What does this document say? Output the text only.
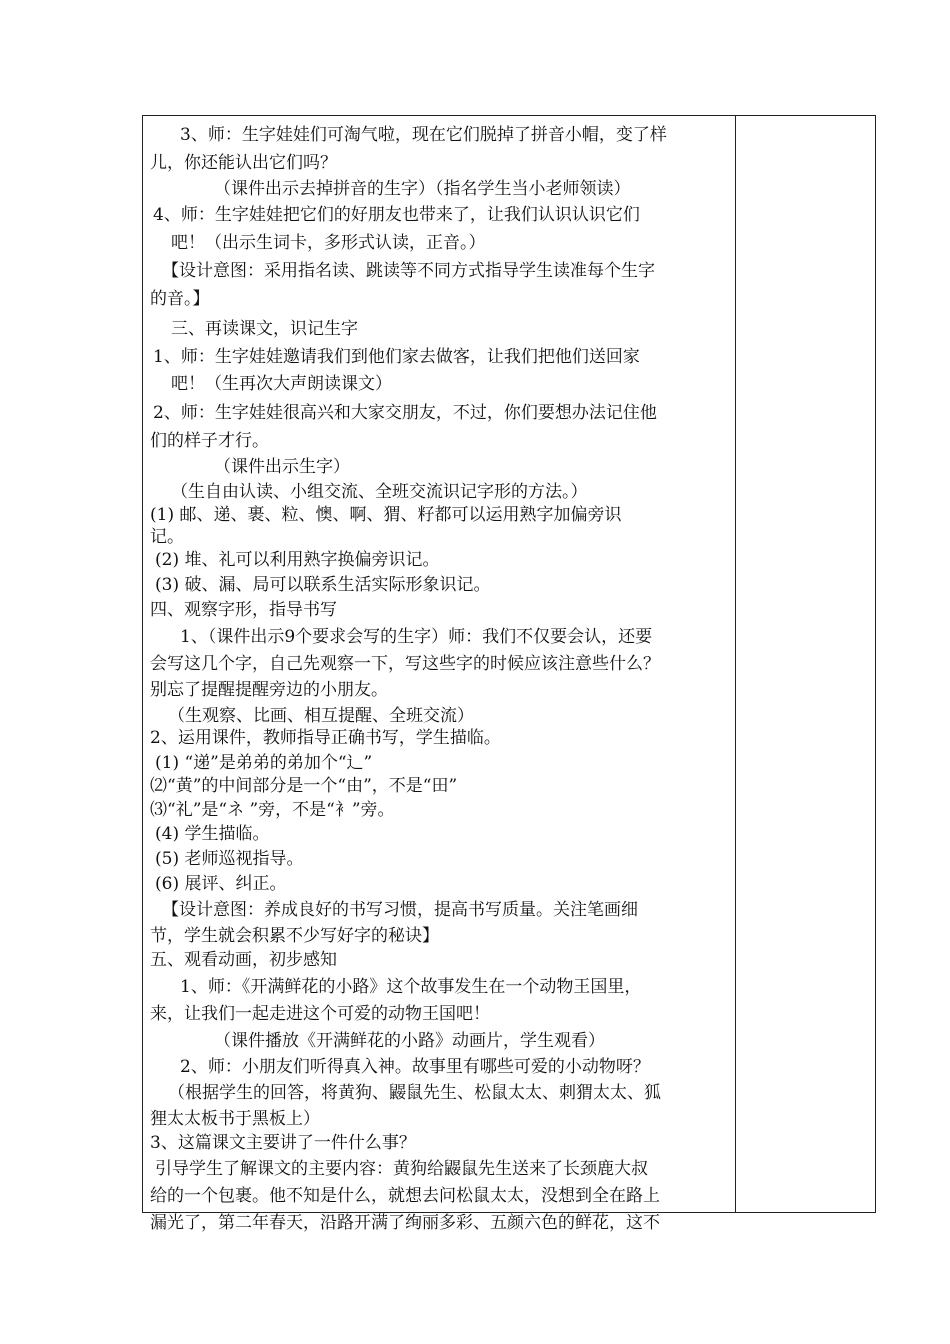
3、师：生字娃娃们可淘气啦，现在它们脱掉了拼音小帽，变了样
儿，你还能认出它们吗？
（课件出示去掉拼音的生字）（指名学生当小老师领读）
4、师：生字娃娃把它们的好朋友也带来了，让我们认识认识它们
吧！（出示生词卡，多形式认读，正音。）
【设计意图：采用指名读、跳读等不同方式指导学生读准每个生字
的音。】
三、再读课文，识记生字
1、师：生字娃娃邀请我们到他们家去做客，让我们把他们送回家
吧！（生再次大声朗读课文）
2、师：生字娃娃很高兴和大家交朋友，不过，你们要想办法记住他
们的样子才行。
（课件出示生字）
（生自由认读、小组交流、全班交流识记字形的方法。）
(1) 邮、递、裹、粒、懊、啊、猬、籽都可以运用熟字加偏旁识
记。
(2) 堆、礼可以利用熟字换偏旁识记。
(3) 破、漏、局可以联系生活实际形象识记。
四、观察字形，指导书写
1、（课件出示9个要求会写的生字）师：我们不仅要会认，还要
会写这几个字，自己先观察一下，写这些字的时候应该注意些什么？
别忘了提醒提醒旁边的小朋友。
（生观察、比画、相互提醒、全班交流）
2、运用课件，教师指导正确书写，学生描临。
(1) “递”是弟弟的弟加个“辶”
⑵“黄”的中间部分是一个“由”，不是“田”
⑶“礼”是“ネ ”旁，不是“衤”旁。
(4) 学生描临。
(5) 老师巡视指导。
(6) 展评、纠正。
【设计意图：养成良好的书写习惯，提高书写质量。关注笔画细
节，学生就会积累不少写好字的秘诀】
五、观看动画，初步感知
1、师：《开满鲜花的小路》这个故事发生在一个动物王国里，
来，让我们一起走进这个可爱的动物王国吧！
（课件播放《开满鲜花的小路》动画片，学生观看）
2、师：小朋友们听得真入神。故事里有哪些可爱的小动物呀？
（根据学生的回答，将黄狗、鼹鼠先生、松鼠太太、刺猬太太、狐
狸太太板书于黑板上）
3、这篇课文主要讲了一件什么事？
引导学生了解课文的主要内容：黄狗给鼹鼠先生送来了长颈鹿大叔
给的一个包裹。他不知是什么，就想去问松鼠太太，没想到全在路上
漏光了，第二年春天，沿路开满了绚丽多彩、五颜六色的鲜花，这不
